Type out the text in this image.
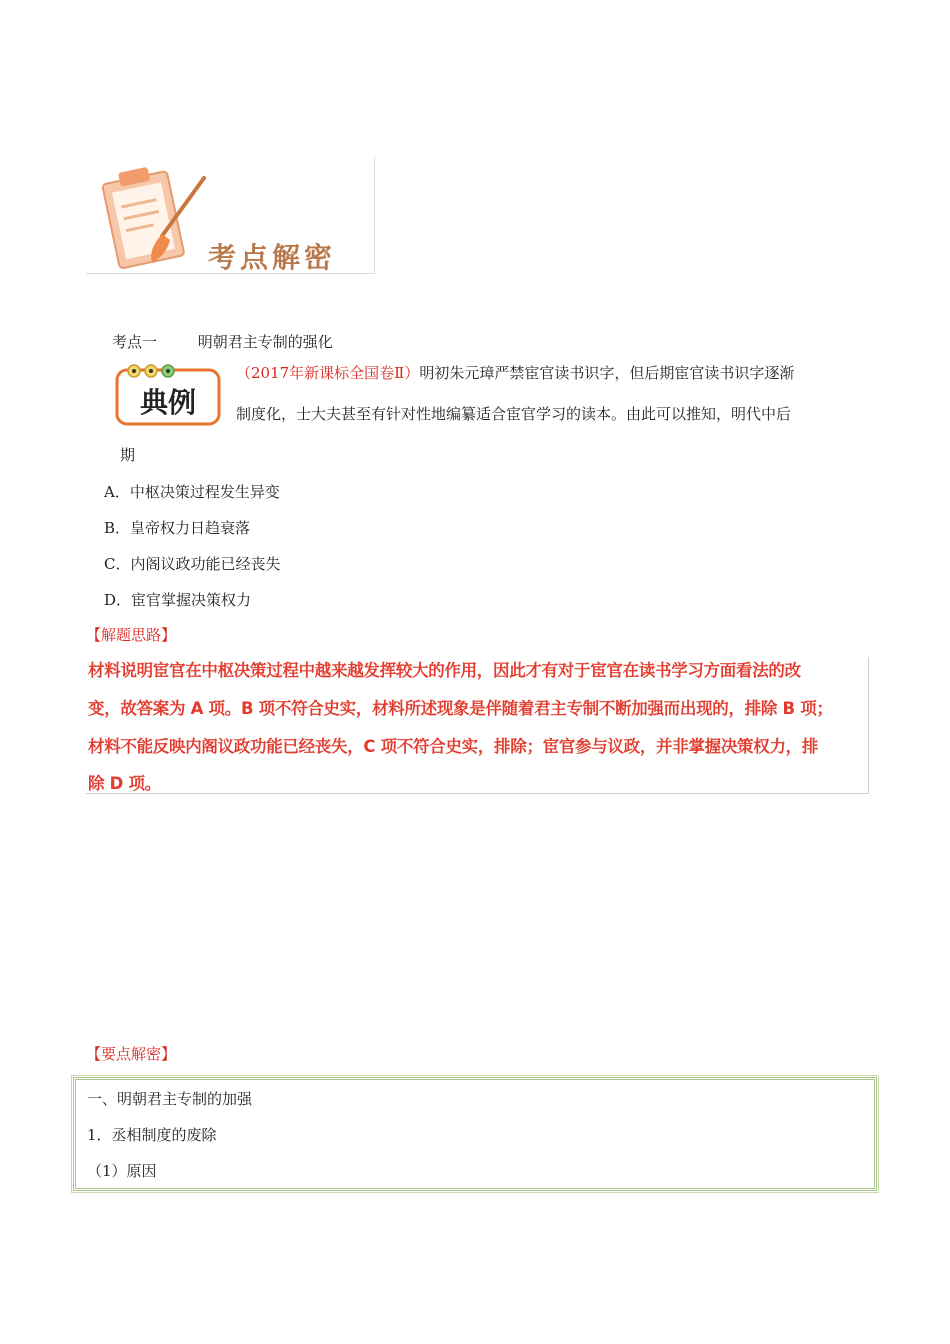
考点解密
考点一	明朝君主专制的强化
典例
（2017年新课标全国卷Ⅱ）明初朱元璋严禁宦官读书识字，但后期宦官读书识字逐渐
制度化，士大夫甚至有针对性地编纂适合宦官学习的读本。由此可以推知，明代中后
期
A．中枢决策过程发生异变
B．皇帝权力日趋衰落
C．内阁议政功能已经丧失
D．宦官掌握决策权力
【解题思路】
材料说明宦官在中枢决策过程中越来越发挥较大的作用，因此才有对于宦官在读书学习方面看法的改
变，故答案为 A 项。B 项不符合史实，材料所述现象是伴随着君主专制不断加强而出现的，排除 B 项；
材料不能反映内阁议政功能已经丧失，C 项不符合史实，排除；宦官参与议政，并非掌握决策权力，排
除 D 项。
【要点解密】
一、明朝君主专制的加强
1．丞相制度的废除
（1）原因
